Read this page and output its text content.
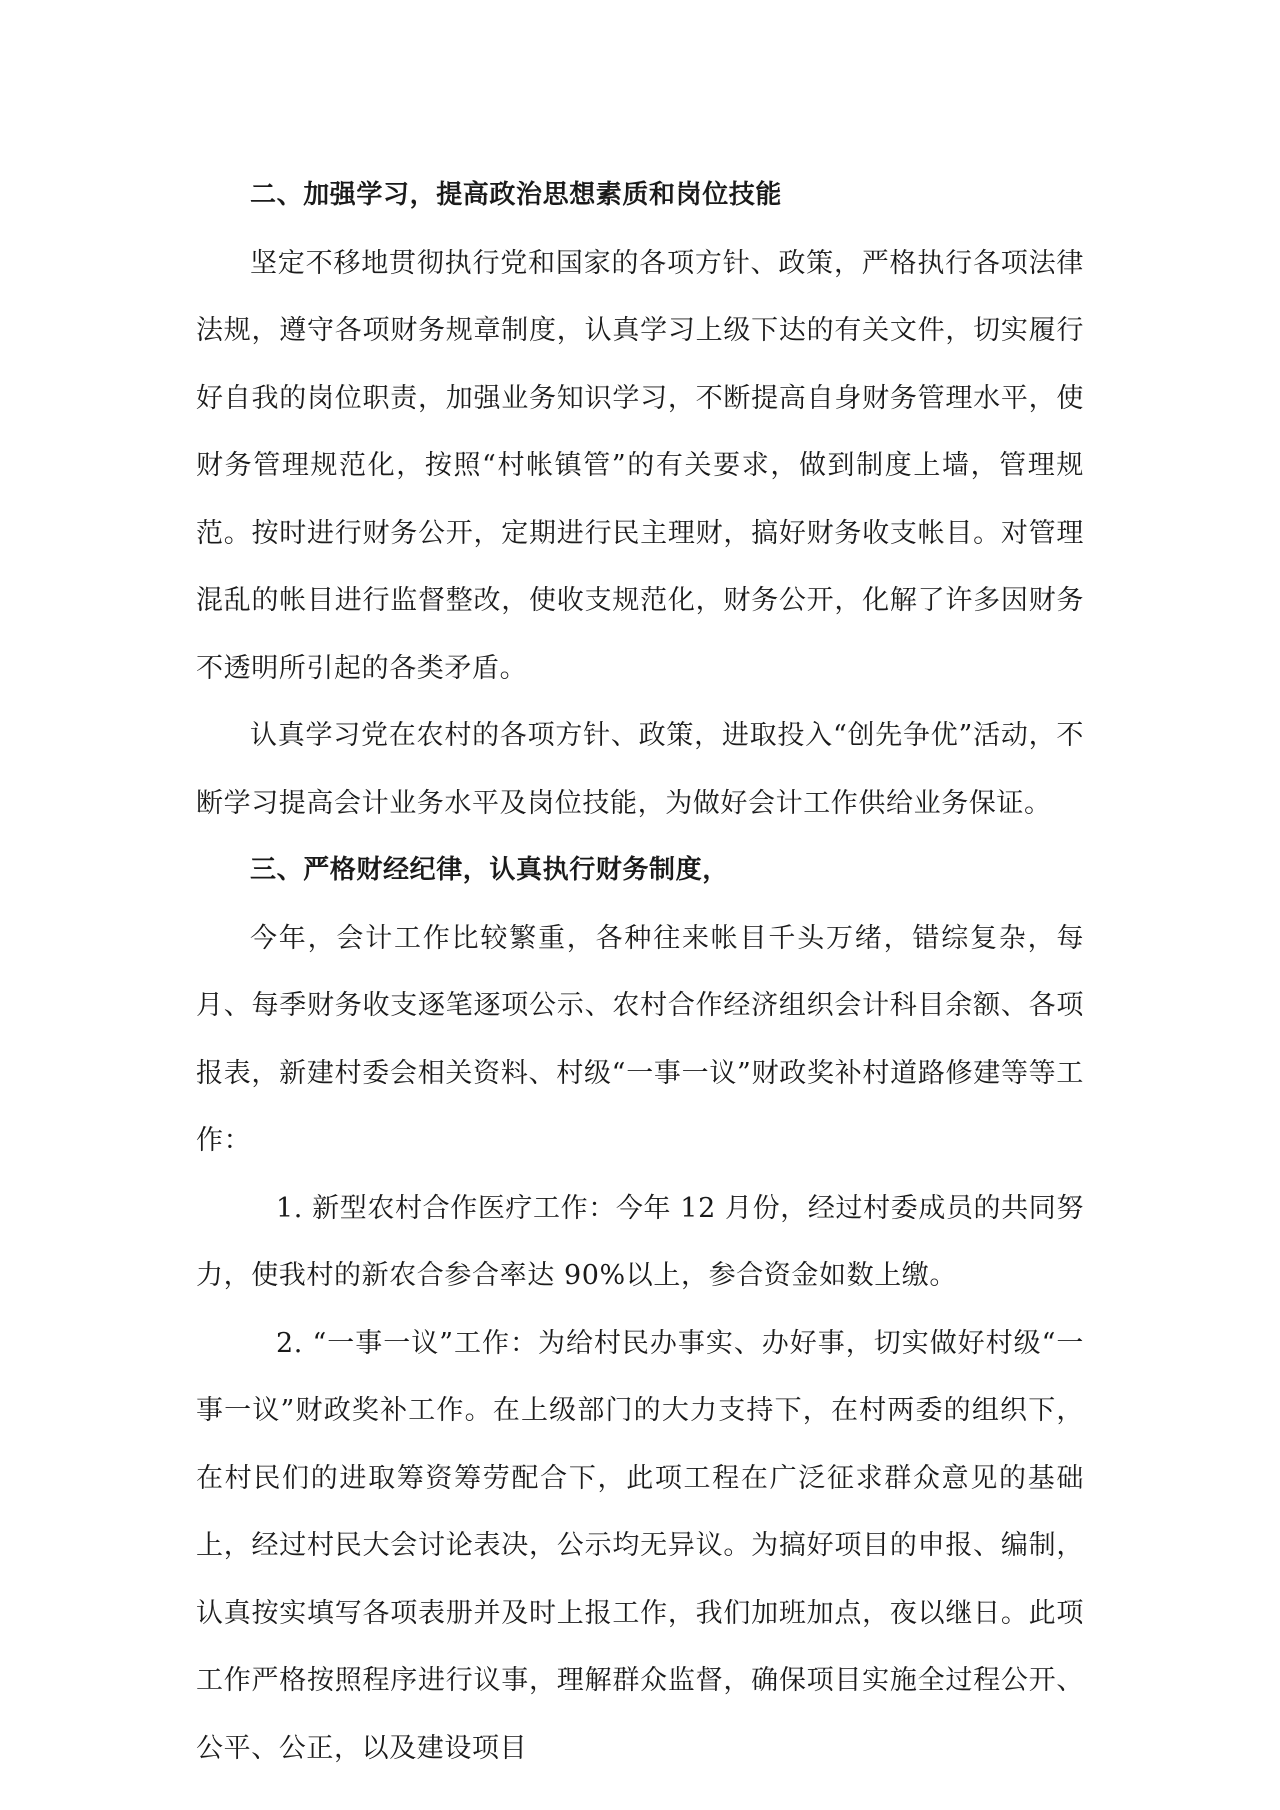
二、加强学习，提高政治思想素质和岗位技能

坚定不移地贯彻执行党和国家的各项方针、政策，严格执行各项法律法规，遵守各项财务规章制度，认真学习上级下达的有关文件，切实履行好自我的岗位职责，加强业务知识学习，不断提高自身财务管理水平，使财务管理规范化，按照“村帐镇管”的有关要求，做到制度上墙，管理规范。按时进行财务公开，定期进行民主理财，搞好财务收支帐目。对管理混乱的帐目进行监督整改，使收支规范化，财务公开，化解了许多因财务不透明所引起的各类矛盾。

认真学习党在农村的各项方针、政策，进取投入“创先争优”活动，不断学习提高会计业务水平及岗位技能，为做好会计工作供给业务保证。

三、严格财经纪律，认真执行财务制度，

今年，会计工作比较繁重，各种往来帐目千头万绪，错综复杂，每月、每季财务收支逐笔逐项公示、农村合作经济组织会计科目余额、各项报表，新建村委会相关资料、村级“一事一议”财政奖补村道路修建等等工作：

1. 新型农村合作医疗工作：今年 12 月份，经过村委成员的共同努力，使我村的新农合参合率达 90%以上，参合资金如数上缴。

2. “一事一议”工作：为给村民办事实、办好事，切实做好村级“一事一议”财政奖补工作。在上级部门的大力支持下，在村两委的组织下，在村民们的进取筹资筹劳配合下，此项工程在广泛征求群众意见的基础上，经过村民大会讨论表决，公示均无异议。为搞好项目的申报、编制，认真按实填写各项表册并及时上报工作，我们加班加点，夜以继日。此项工作严格按照程序进行议事，理解群众监督，确保项目实施全过程公开、公平、公正，以及建设项目
